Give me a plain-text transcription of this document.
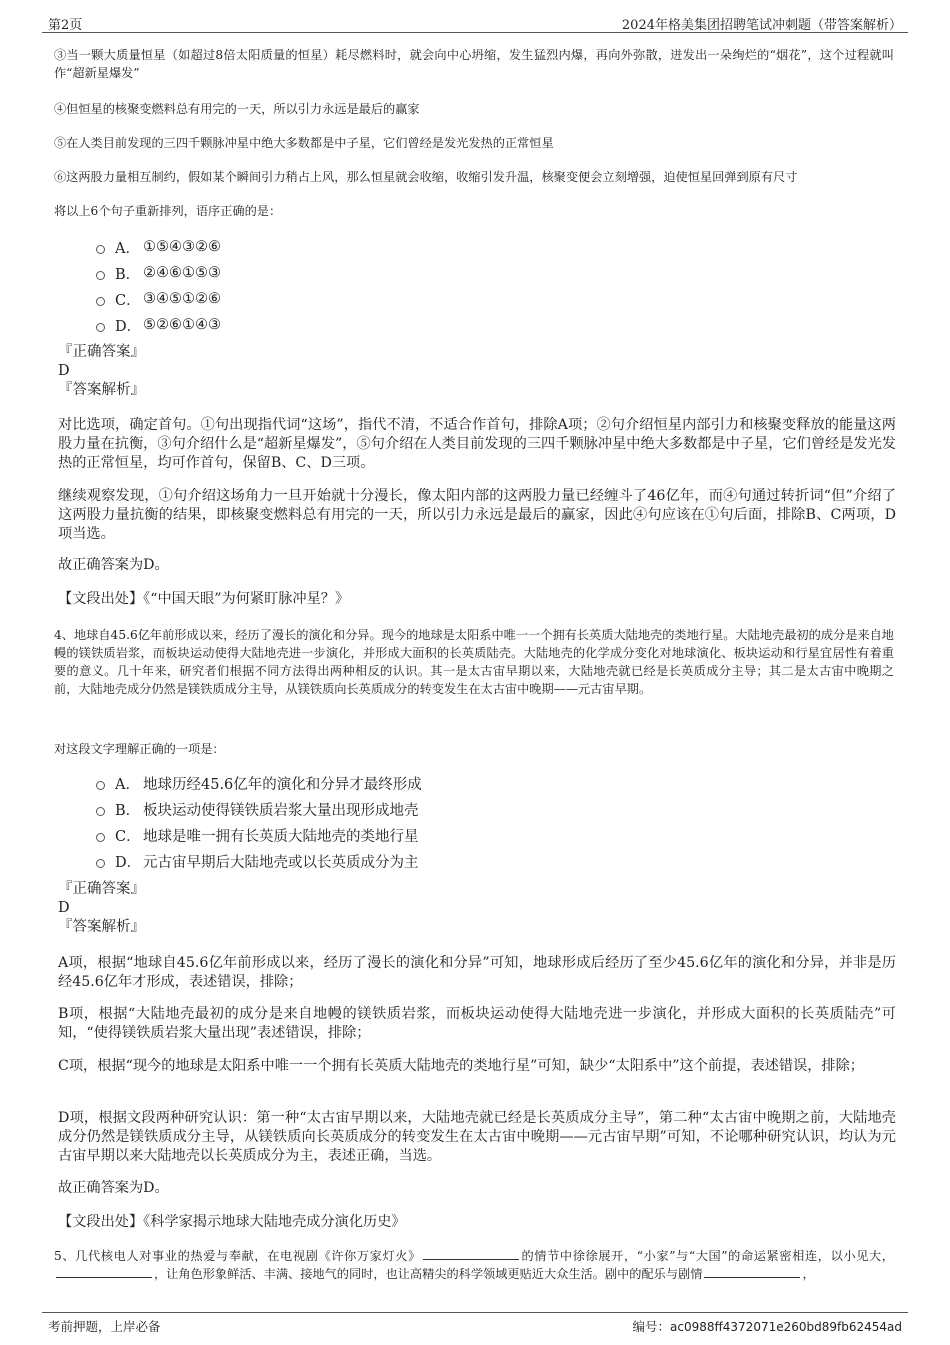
第2页	2024年格美集团招聘笔试冲刺题（带答案解析）

③当一颗大质量恒星（如超过8倍太阳质量的恒星）耗尽燃料时，就会向中心坍缩，发生猛烈内爆，再向外弥散，迸发出一朵绚烂的“烟花”，这个过程就叫作“超新星爆发”

④但恒星的核聚变燃料总有用完的一天，所以引力永远是最后的赢家

⑤在人类目前发现的三四千颗脉冲星中绝大多数都是中子星，它们曾经是发光发热的正常恒星

⑥这两股力量相互制约，假如某个瞬间引力稍占上风，那么恒星就会收缩，收缩引发升温，核聚变便会立刻增强，迫使恒星回弹到原有尺寸

将以上6个句子重新排列，语序正确的是：

A． ①⑤④③②⑥
B． ②④⑥①⑤③
C． ③④⑤①②⑥
D． ⑤②⑥①④③
『正确答案』
D
『答案解析』

对比选项，确定首句。①句出现指代词“这场”，指代不清，不适合作首句，排除A项；②句介绍恒星内部引力和核聚变释放的能量这两股力量在抗衡，③句介绍什么是“超新星爆发”，⑤句介绍在人类目前发现的三四千颗脉冲星中绝大多数都是中子星，它们曾经是发光发热的正常恒星，均可作首句，保留B、C、D三项。

继续观察发现，①句介绍这场角力一旦开始就十分漫长，像太阳内部的这两股力量已经缠斗了46亿年，而④句通过转折词“但”介绍了这两股力量抗衡的结果，即核聚变燃料总有用完的一天，所以引力永远是最后的赢家，因此④句应该在①句后面，排除B、C两项，D项当选。

故正确答案为D。

【文段出处】《“中国天眼”为何紧盯脉冲星？》

4、地球自45.6亿年前形成以来，经历了漫长的演化和分异。现今的地球是太阳系中唯一一个拥有长英质大陆地壳的类地行星。大陆地壳最初的成分是来自地幔的镁铁质岩浆，而板块运动使得大陆地壳进一步演化，并形成大面积的长英质陆壳。大陆地壳的化学成分变化对地球演化、板块运动和行星宜居性有着重要的意义。几十年来，研究者们根据不同方法得出两种相反的认识。其一是太古宙早期以来，大陆地壳就已经是长英质成分主导；其二是太古宙中晚期之前，大陆地壳成分仍然是镁铁质成分主导，从镁铁质向长英质成分的转变发生在太古宙中晚期——元古宙早期。

对这段文字理解正确的一项是：

A． 地球历经45.6亿年的演化和分异才最终形成
B． 板块运动使得镁铁质岩浆大量出现形成地壳
C． 地球是唯一拥有长英质大陆地壳的类地行星
D． 元古宙早期后大陆地壳或以长英质成分为主
『正确答案』
D
『答案解析』

A项，根据“地球自45.6亿年前形成以来，经历了漫长的演化和分异”可知，地球形成后经历了至少45.6亿年的演化和分异，并非是历经45.6亿年才形成，表述错误，排除；

B项，根据“大陆地壳最初的成分是来自地幔的镁铁质岩浆，而板块运动使得大陆地壳进一步演化，并形成大面积的长英质陆壳”可知，“使得镁铁质岩浆大量出现”表述错误，排除；

C项，根据“现今的地球是太阳系中唯一一个拥有长英质大陆地壳的类地行星”可知，缺少“太阳系中”这个前提，表述错误，排除；

D项，根据文段两种研究认识：第一种“太古宙早期以来，大陆地壳就已经是长英质成分主导”，第二种“太古宙中晚期之前，大陆地壳成分仍然是镁铁质成分主导，从镁铁质向长英质成分的转变发生在太古宙中晚期——元古宙早期”可知，不论哪种研究认识，均认为元古宙早期以来大陆地壳以长英质成分为主，表述正确，当选。

故正确答案为D。

【文段出处】《科学家揭示地球大陆地壳成分演化历史》

5、几代核电人对事业的热爱与奉献，在电视剧《许你万家灯火》	的情节中徐徐展开，“小家”与“大国”的命运紧密相连，以小见大，，让角色形象鲜活、丰满、接地气的同时，也让高精尖的科学领域更贴近大众生活。剧中的配乐与剧情	，

考前押题，上岸必备	编号：ac0988ff4372071e260bd89fb62454ad
